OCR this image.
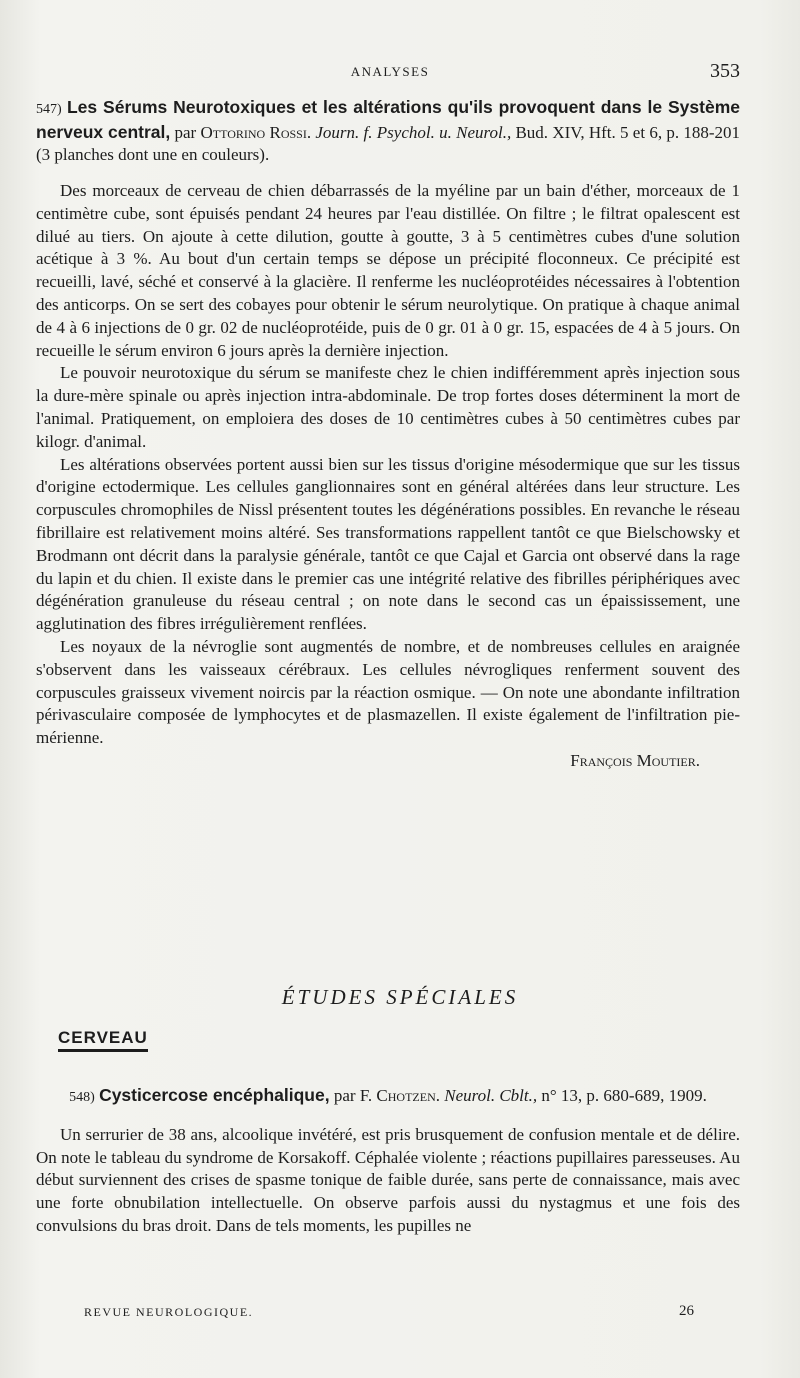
ANALYSES	353

547) Les Sérums Neurotoxiques et les altérations qu'ils provoquent dans le Système nerveux central, par Ottorino Rossi. Journ. f. Psychol. u. Neurol., Bud. XIV, Hft. 5 et 6, p. 188-201 (3 planches dont une en couleurs).

Des morceaux de cerveau de chien débarrassés de la myéline par un bain d'éther, morceaux de 1 centimètre cube, sont épuisés pendant 24 heures par l'eau distillée. On filtre ; le filtrat opalescent est dilué au tiers. On ajoute à cette dilution, goutte à goutte, 3 à 5 centimètres cubes d'une solution acétique à 3 %. Au bout d'un certain temps se dépose un précipité floconneux. Ce précipité est recueilli, lavé, séché et conservé à la glacière. Il renferme les nucléoprotéides nécessaires à l'obtention des anticorps. On se sert des cobayes pour obtenir le sérum neurolytique. On pratique à chaque animal de 4 à 6 injections de 0 gr. 02 de nucléoprotéide, puis de 0 gr. 01 à 0 gr. 15, espacées de 4 à 5 jours. On recueille le sérum environ 6 jours après la dernière injection.

Le pouvoir neurotoxique du sérum se manifeste chez le chien indifféremment après injection sous la dure-mère spinale ou après injection intra-abdominale. De trop fortes doses déterminent la mort de l'animal. Pratiquement, on emploiera des doses de 10 centimètres cubes à 50 centimètres cubes par kilogr. d'animal.

Les altérations observées portent aussi bien sur les tissus d'origine mésodermique que sur les tissus d'origine ectodermique. Les cellules ganglionnaires sont en général altérées dans leur structure. Les corpuscules chromophiles de Nissl présentent toutes les dégénérations possibles. En revanche le réseau fibrillaire est relativement moins altéré. Ses transformations rappellent tantôt ce que Bielschowsky et Brodmann ont décrit dans la paralysie générale, tantôt ce que Cajal et Garcia ont observé dans la rage du lapin et du chien. Il existe dans le premier cas une intégrité relative des fibrilles périphériques avec dégénération granuleuse du réseau central ; on note dans le second cas un épaississement, une agglutination des fibres irrégulièrement renflées.

Les noyaux de la névroglie sont augmentés de nombre, et de nombreuses cellules en araignée s'observent dans les vaisseaux cérébraux. Les cellules névrogliques renferment souvent des corpuscules graisseux vivement noircis par la réaction osmique. — On note une abondante infiltration périvasculaire composée de lymphocytes et de plasmazellen. Il existe également de l'infiltration pie-mérienne.

François Moutier.
ÉTUDES SPÉCIALES
CERVEAU

548) Cysticercose encéphalique, par F. Chotzen. Neurol. Cblt., n° 13, p. 680-689, 1909.

Un serrurier de 38 ans, alcoolique invétéré, est pris brusquement de confusion mentale et de délire. On note le tableau du syndrome de Korsakoff. Céphalée violente ; réactions pupillaires paresseuses. Au début surviennent des crises de spasme tonique de faible durée, sans perte de connaissance, mais avec une forte obnubilation intellectuelle. On observe parfois aussi du nystagmus et une fois des convulsions du bras droit. Dans de tels moments, les pupilles ne

REVUE NEUROLOGIQUE.	26
